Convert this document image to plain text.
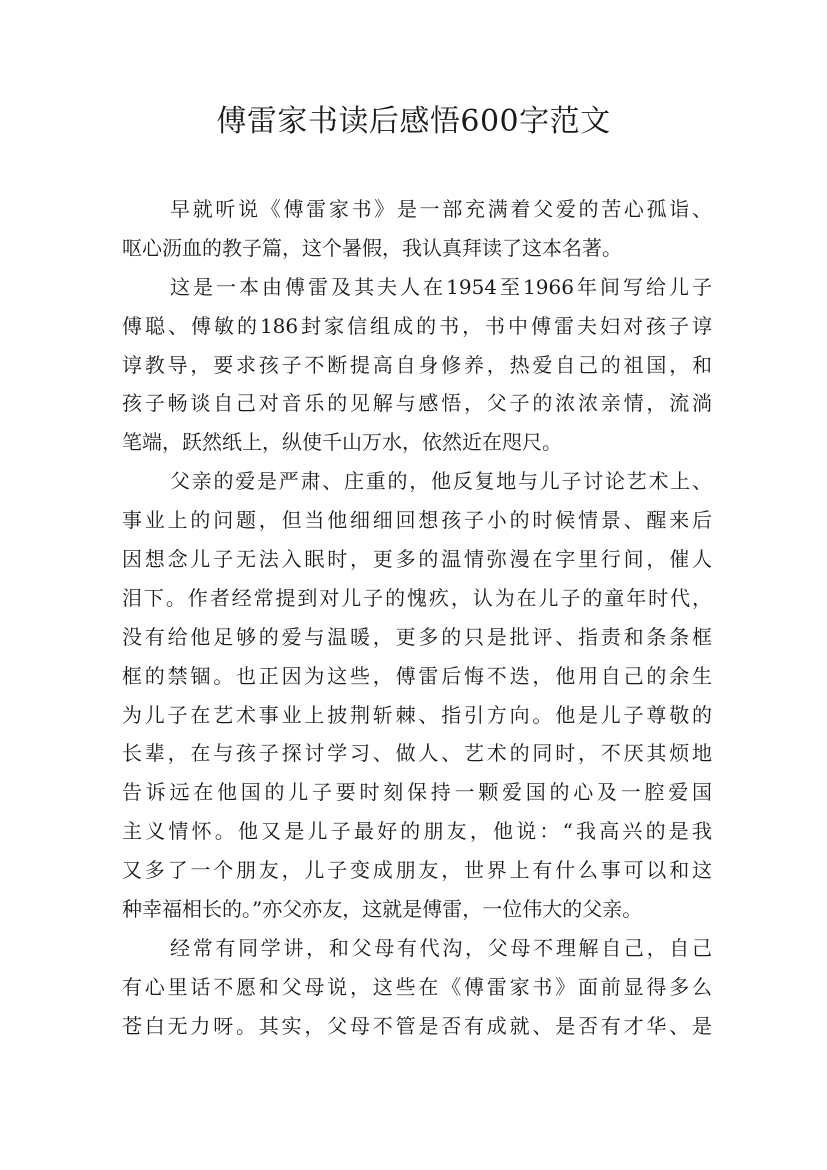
傅雷家书读后感悟600字范文
早就听说《傅雷家书》是一部充满着父爱的苦心孤诣、
呕心沥血的教子篇，这个暑假，我认真拜读了这本名著。
这是一本由傅雷及其夫人在1954至1966年间写给儿子
傅聪、傅敏的186封家信组成的书，书中傅雷夫妇对孩子谆
谆教导，要求孩子不断提高自身修养，热爱自己的祖国，和
孩子畅谈自己对音乐的见解与感悟，父子的浓浓亲情，流淌
笔端，跃然纸上，纵使千山万水，依然近在咫尺。
父亲的爱是严肃、庄重的，他反复地与儿子讨论艺术上、
事业上的问题，但当他细细回想孩子小的时候情景、醒来后
因想念儿子无法入眠时，更多的温情弥漫在字里行间，催人
泪下。作者经常提到对儿子的愧疚，认为在儿子的童年时代，
没有给他足够的爱与温暖，更多的只是批评、指责和条条框
框的禁锢。也正因为这些，傅雷后悔不迭，他用自己的余生
为儿子在艺术事业上披荆斩棘、指引方向。他是儿子尊敬的
长辈，在与孩子探讨学习、做人、艺术的同时，不厌其烦地
告诉远在他国的儿子要时刻保持一颗爱国的心及一腔爱国
主义情怀。他又是儿子最好的朋友，他说：“我高兴的是我
又多了一个朋友，儿子变成朋友，世界上有什么事可以和这
种幸福相长的。”亦父亦友，这就是傅雷，一位伟大的父亲。
经常有同学讲，和父母有代沟，父母不理解自己，自己
有心里话不愿和父母说，这些在《傅雷家书》面前显得多么
苍白无力呀。其实，父母不管是否有成就、是否有才华、是
